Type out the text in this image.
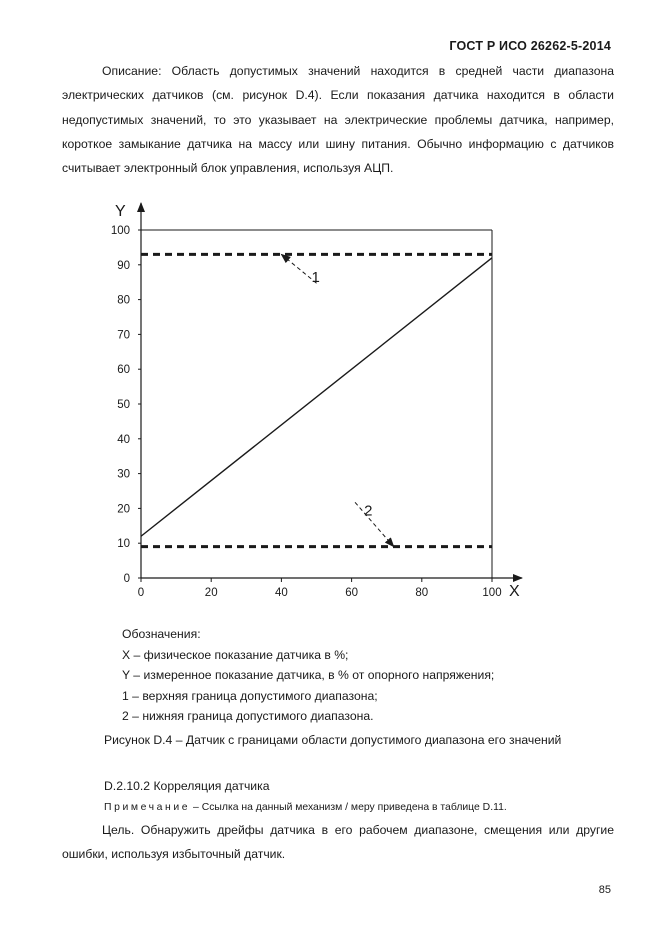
ГОСТ Р ИСО 26262-5-2014

Описание: Область допустимых значений находится в средней части диапазона электрических датчиков (см. рисунок D.4). Если показания датчика находится в области недопустимых значений, то это указывает на электрические проблемы датчика, например, короткое замыкание датчика на массу или шину питания. Обычно информацию с датчиков считывает электронный блок управления, используя АЦП.

0	20	40	60	80	100
0
10
20
30
40
50
60
70
80
90
100
X
Y
1
2
Обозначения:
X – физическое показание датчика в %;
Y – измеренное показание датчика, в % от опорного напряжения;
1 – верхняя граница допустимого диапазона;
2 – нижняя граница допустимого диапазона.
Рисунок D.4 – Датчик с границами области допустимого диапазона его значений
D.2.10.2 Корреляция датчика
Примечание – Ссылка на данный механизм / меру приведена в таблице D.11.

Цель. Обнаружить дрейфы датчика в его рабочем диапазоне, смещения или другие ошибки, используя избыточный датчик.

85
